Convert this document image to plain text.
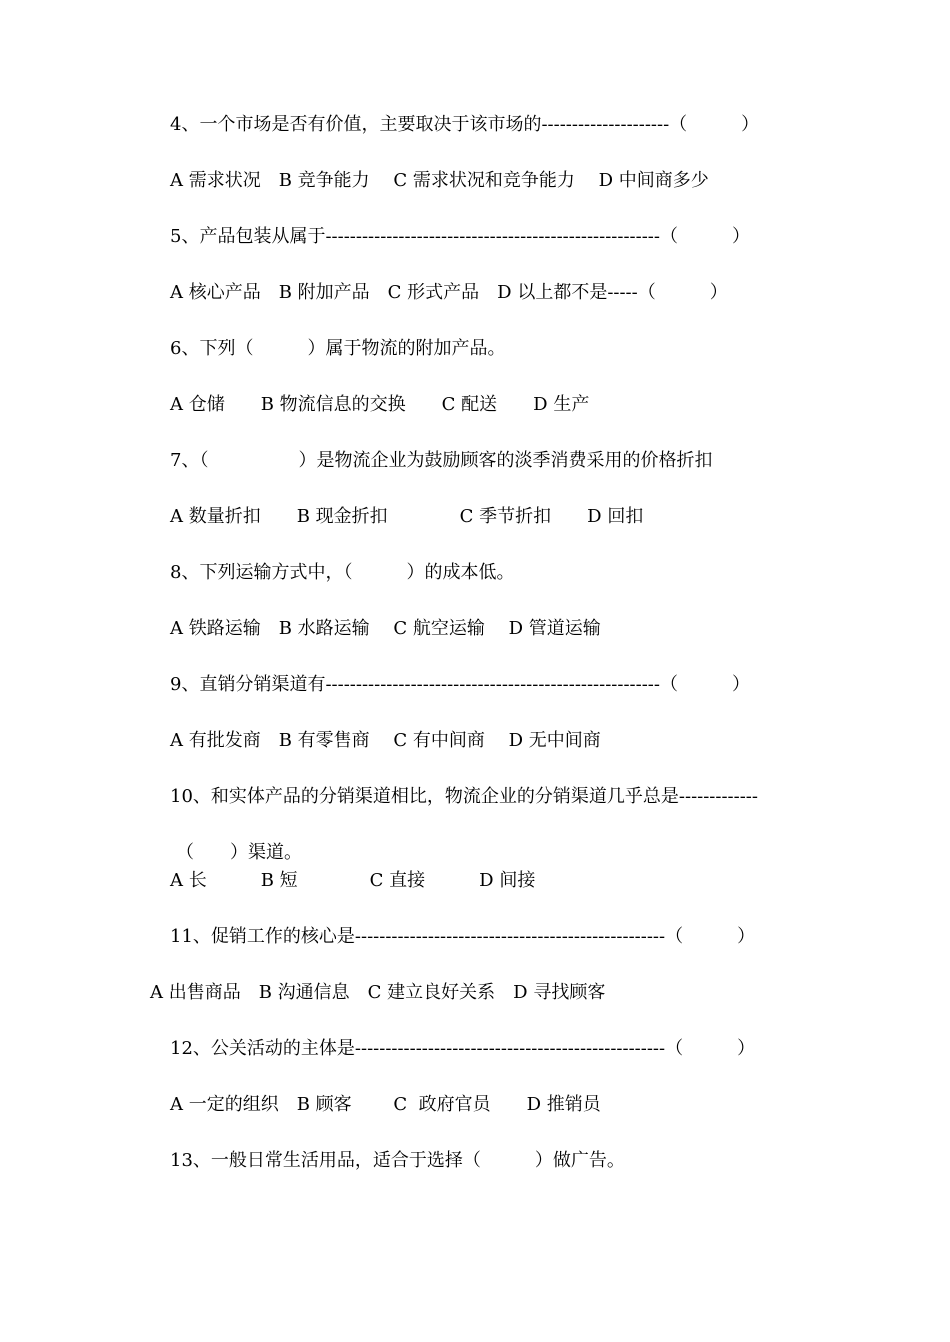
4、一个市场是否有价值，主要取决于该市场的---------------------（　　　）
A 需求状况　B 竞争能力　 C 需求状况和竞争能力　 D 中间商多少
5、产品包装从属于-------------------------------------------------------（　　　）
A 核心产品　B 附加产品　C 形式产品　D 以上都不是-----（　　　）
6、下列（　　　）属于物流的附加产品。
A 仓储　　B 物流信息的交换　　C 配送　　D 生产
7、（　　　　　）是物流企业为鼓励顾客的淡季消费采用的价格折扣
A 数量折扣　　B 现金折扣　　　　C 季节折扣　　D 回扣
8、下列运输方式中，（　　　）的成本低。
A 铁路运输　B 水路运输　 C 航空运输　 D 管道运输
9、直销分销渠道有-------------------------------------------------------（　　　）
A 有批发商　B 有零售商　 C 有中间商　 D 无中间商
10、和实体产品的分销渠道相比，物流企业的分销渠道几乎总是-------------
（　　）渠道。
A 长　　　B 短　　　　C 直接　　　D 间接
11、促销工作的核心是---------------------------------------------------（　　　）
A 出售商品　B 沟通信息　C 建立良好关系　D 寻找顾客
12、公关活动的主体是---------------------------------------------------（　　　）
A 一定的组织　B 顾客　　 C  政府官员　　D 推销员
13、一般日常生活用品，适合于选择（　　　）做广告。
